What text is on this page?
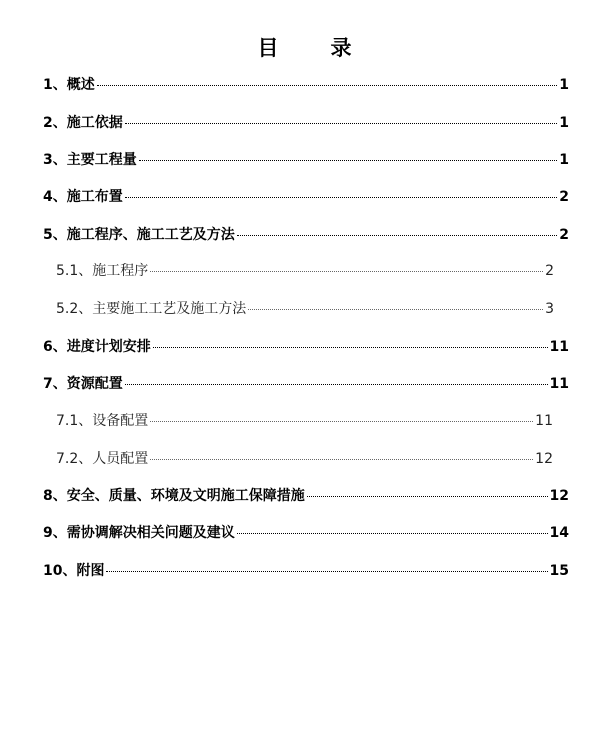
目 录
1、概述	1
2、施工依据	1
3、主要工程量	1
4、施工布置	2
5、施工程序、施工工艺及方法	2
5.1、施工程序	2
5.2、主要施工工艺及施工方法	3
6、进度计划安排	11
7、资源配置	11
7.1、设备配置	11
7.2、人员配置	12
8、安全、质量、环境及文明施工保障措施	12
9、需协调解决相关问题及建议	14
10、附图	15
